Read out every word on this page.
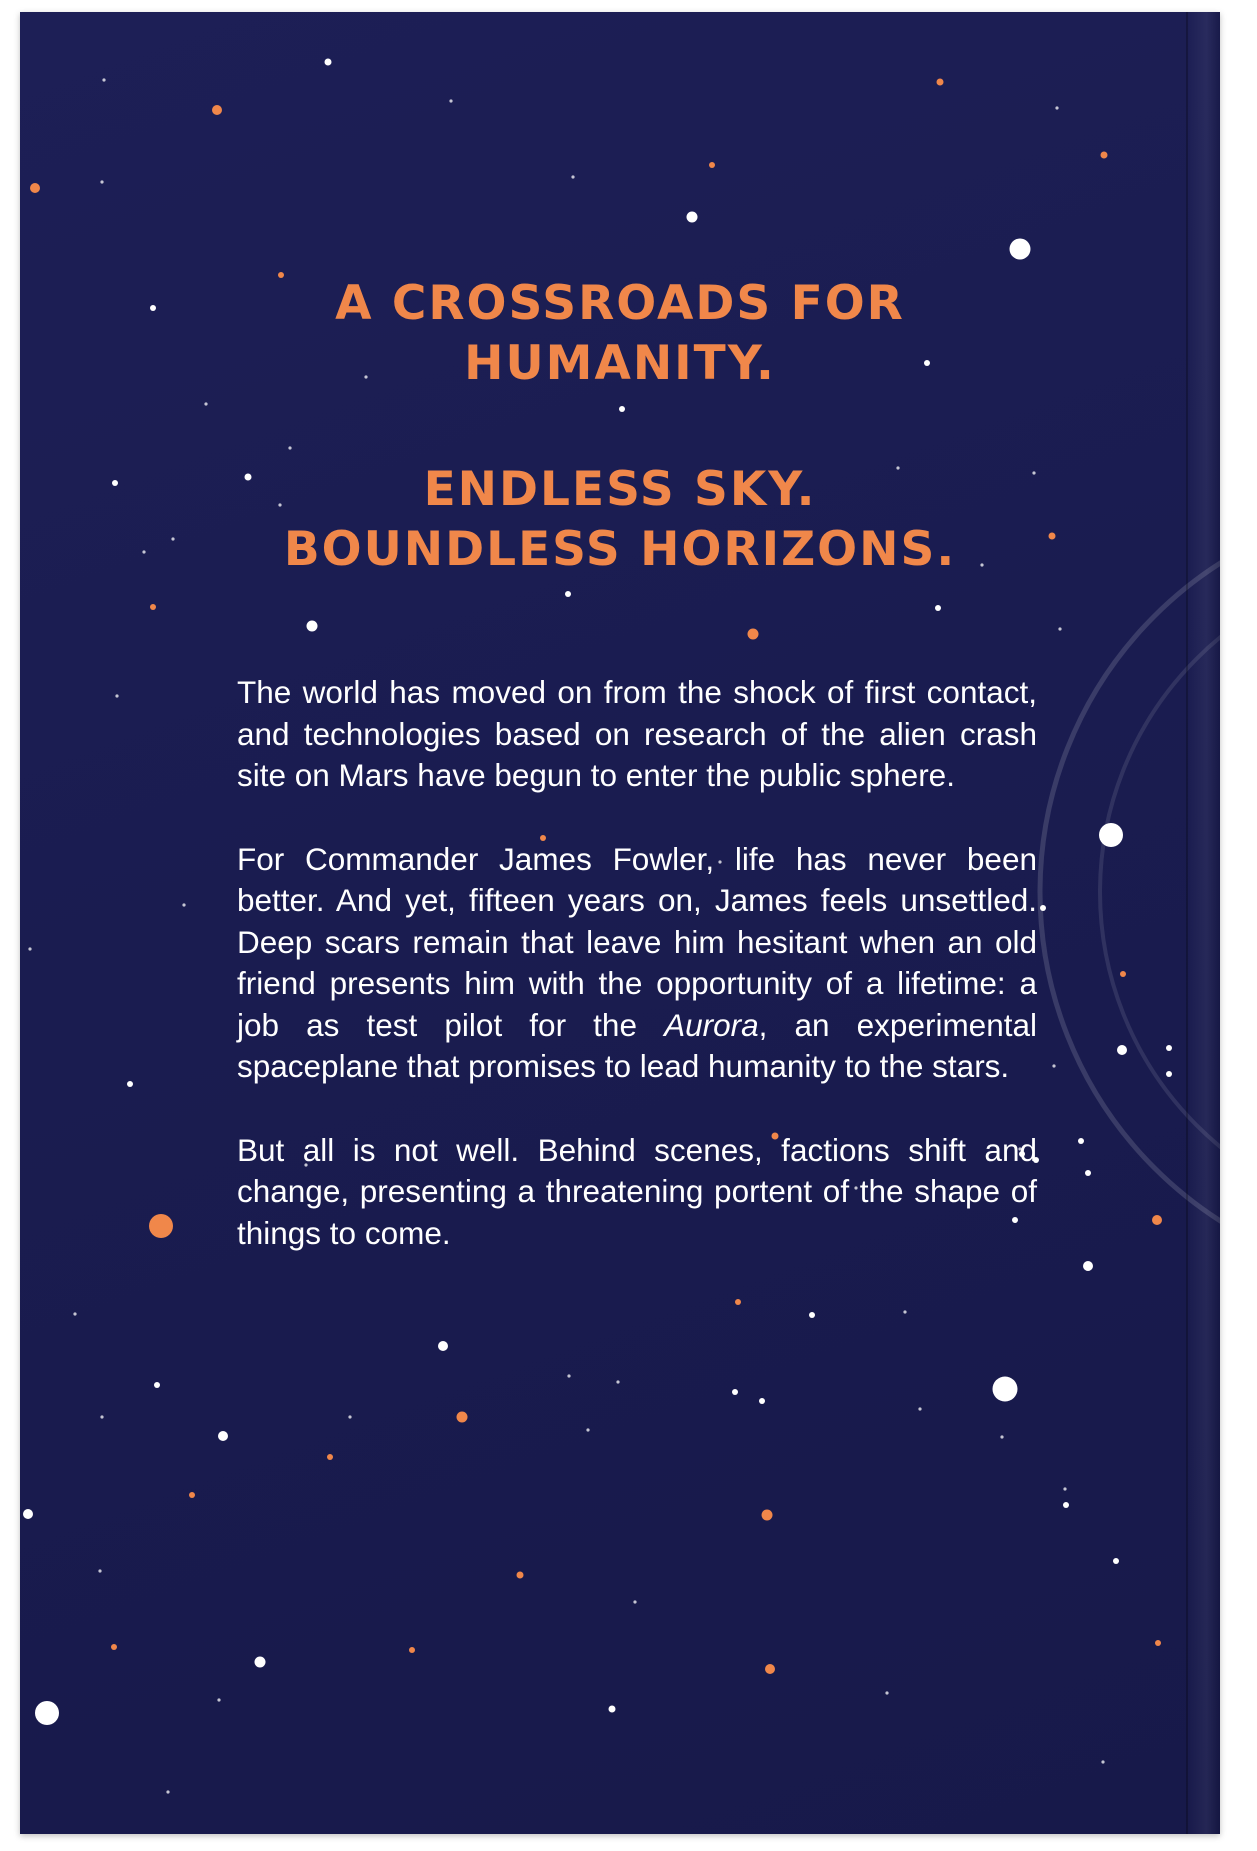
A CROSSROADS FOR
HUMANITY.
ENDLESS SKY.
BOUNDLESS HORIZONS.

The world has moved on from the shock of first contact, and technologies based on research of the alien crash site on Mars have begun to enter the public sphere.

For Commander James Fowler, life has never been better. And yet, fifteen years on, James feels unsettled. Deep scars remain that leave him hesitant when an old friend presents him with the opportunity of a lifetime: a job as test pilot for the Aurora, an experimental spaceplane that promises to lead humanity to the stars.

But all is not well. Behind scenes, factions shift and change, presenting a threatening portent of the shape of things to come.
